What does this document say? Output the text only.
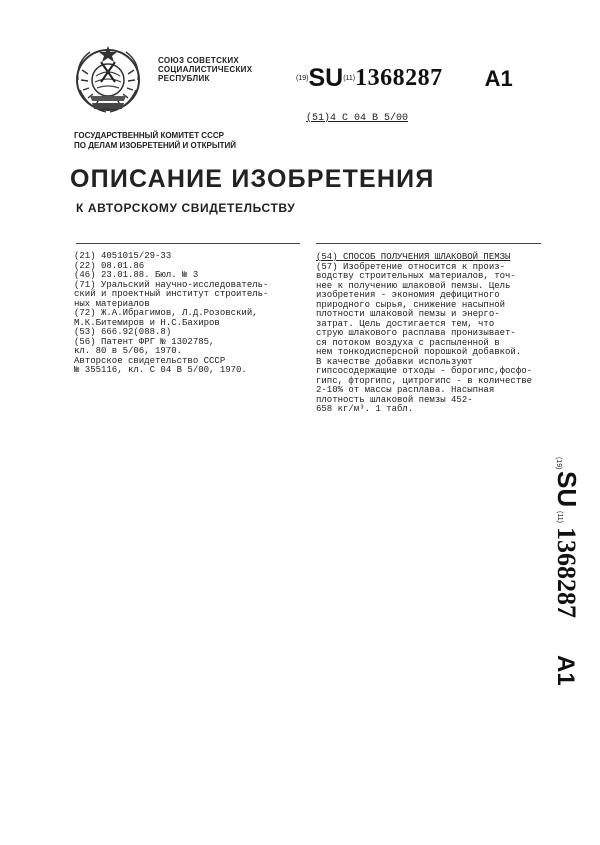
СОЮЗ СОВЕТСКИХ
СОЦИАЛИСТИЧЕСКИХ
РЕСПУБЛИК	(19)SU(11)1368287 A1
(51)4 C 04 B 5/00
ГОСУДАРСТВЕННЫЙ КОМИТЕТ СССР
ПО ДЕЛАМ ИЗОБРЕТЕНИЙ И ОТКРЫТИЙ
ОПИСАНИЕ ИЗОБРЕТЕНИЯ
К АВТОРСКОМУ СВИДЕТЕЛЬСТВУ
(21) 4051015/29-33
(22) 08.01.86
(46) 23.01.88. Бюл. № 3
(71) Уральский научно-исследователь-
ский и проектный институт строитель-
ных материалов
(72) Ж.А.Ибрагимов, Л.Д.Розовский,
М.К.Битемиров и Н.С.Бахиров
(53) 666.92(088.8)
(56) Патент ФРГ № 1302785,
кл. 80 в 5/06, 1970.
Авторское свидетельство СССР
№ 355116, кл. C 04 B 5/00, 1970.
(54) СПОСОБ ПОЛУЧЕНИЯ ШЛАКОВОЙ ПЕМЗЫ
(57) Изобретение относится к произ-
водству строительных материалов, точ-
нее к получению шлаковой пемзы. Цель
изобретения - экономия дефицитного
природного сырья, снижение насыпной
плотности шлаковой пемзы и энерго-
затрат. Цель достигается тем, что
струю шлакового расплава пронизывает-
ся потоком воздуха с распыленной в
нем тонкодисперсной порошкой добавкой.
В качестве добавки используют
гипсосодержащие отходы - борогипс,фосфо-
гипс, фторгипс, цитрогипс - в количестве
2-10% от массы расплава. Насыпная
плотность шлаковой пемзы 452-
658 кг/м³. 1 табл.
(19)
SU
(11)
1368287
A1
